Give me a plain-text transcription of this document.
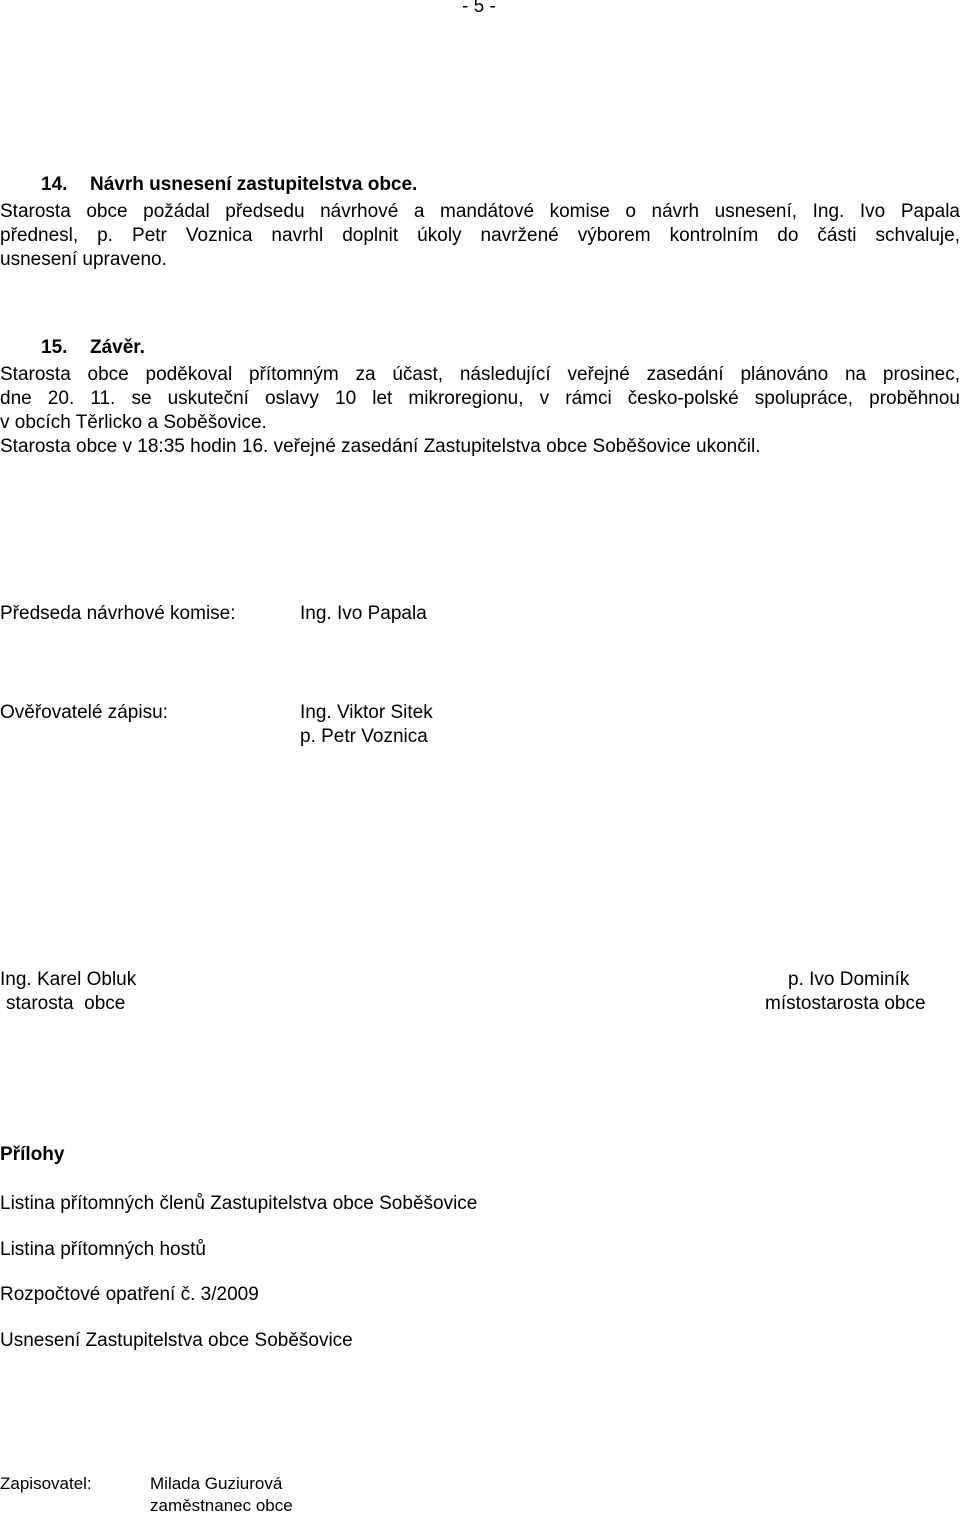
- 5 -
14. Návrh usnesení zastupitelstva obce.
Starosta obce požádal předsedu návrhové a mandátové komise o návrh usnesení, Ing. Ivo Papala
přednesl, p. Petr Voznica navrhl doplnit úkoly navržené výborem kontrolním do části schvaluje,
usnesení upraveno.
15. Závěr.
Starosta obce poděkoval přítomným za účast, následující veřejné zasedání plánováno na prosinec,
dne 20. 11. se uskuteční oslavy 10 let mikroregionu, v rámci česko-polské spolupráce, proběhnou
v obcích Těrlicko a Soběšovice.
Starosta obce v 18:35 hodin 16. veřejné zasedání Zastupitelstva obce Soběšovice ukončil.
Předseda návrhové komise:	Ing. Ivo Papala
Ověřovatelé zápisu:	Ing. Viktor Sitek
p. Petr Voznica
Ing. Karel Obluk
starosta  obce
p. Ivo Dominík
místostarosta obce
Přílohy
Listina přítomných členů Zastupitelstva obce Soběšovice
Listina přítomných hostů
Rozpočtové opatření č. 3/2009
Usnesení Zastupitelstva obce Soběšovice
Zapisovatel:	Milada Guziurová
zaměstnanec obce
